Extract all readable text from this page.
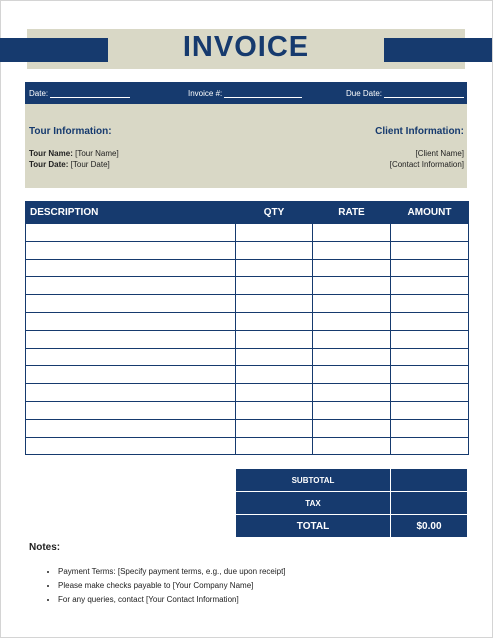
INVOICE
Date:	Invoice #:	Due Date:
Tour Information:	Client Information:
Tour Name: [Tour Name]
Tour Date: [Tour Date]
[Client Name]
[Contact Information]
DESCRIPTION	QTY	RATE	AMOUNT

SUBTOTAL	
TAX	
TOTAL	$0.00
Notes:
• Payment Terms: [Specify payment terms, e.g., due upon receipt]
• Please make checks payable to [Your Company Name]
• For any queries, contact [Your Contact Information]
